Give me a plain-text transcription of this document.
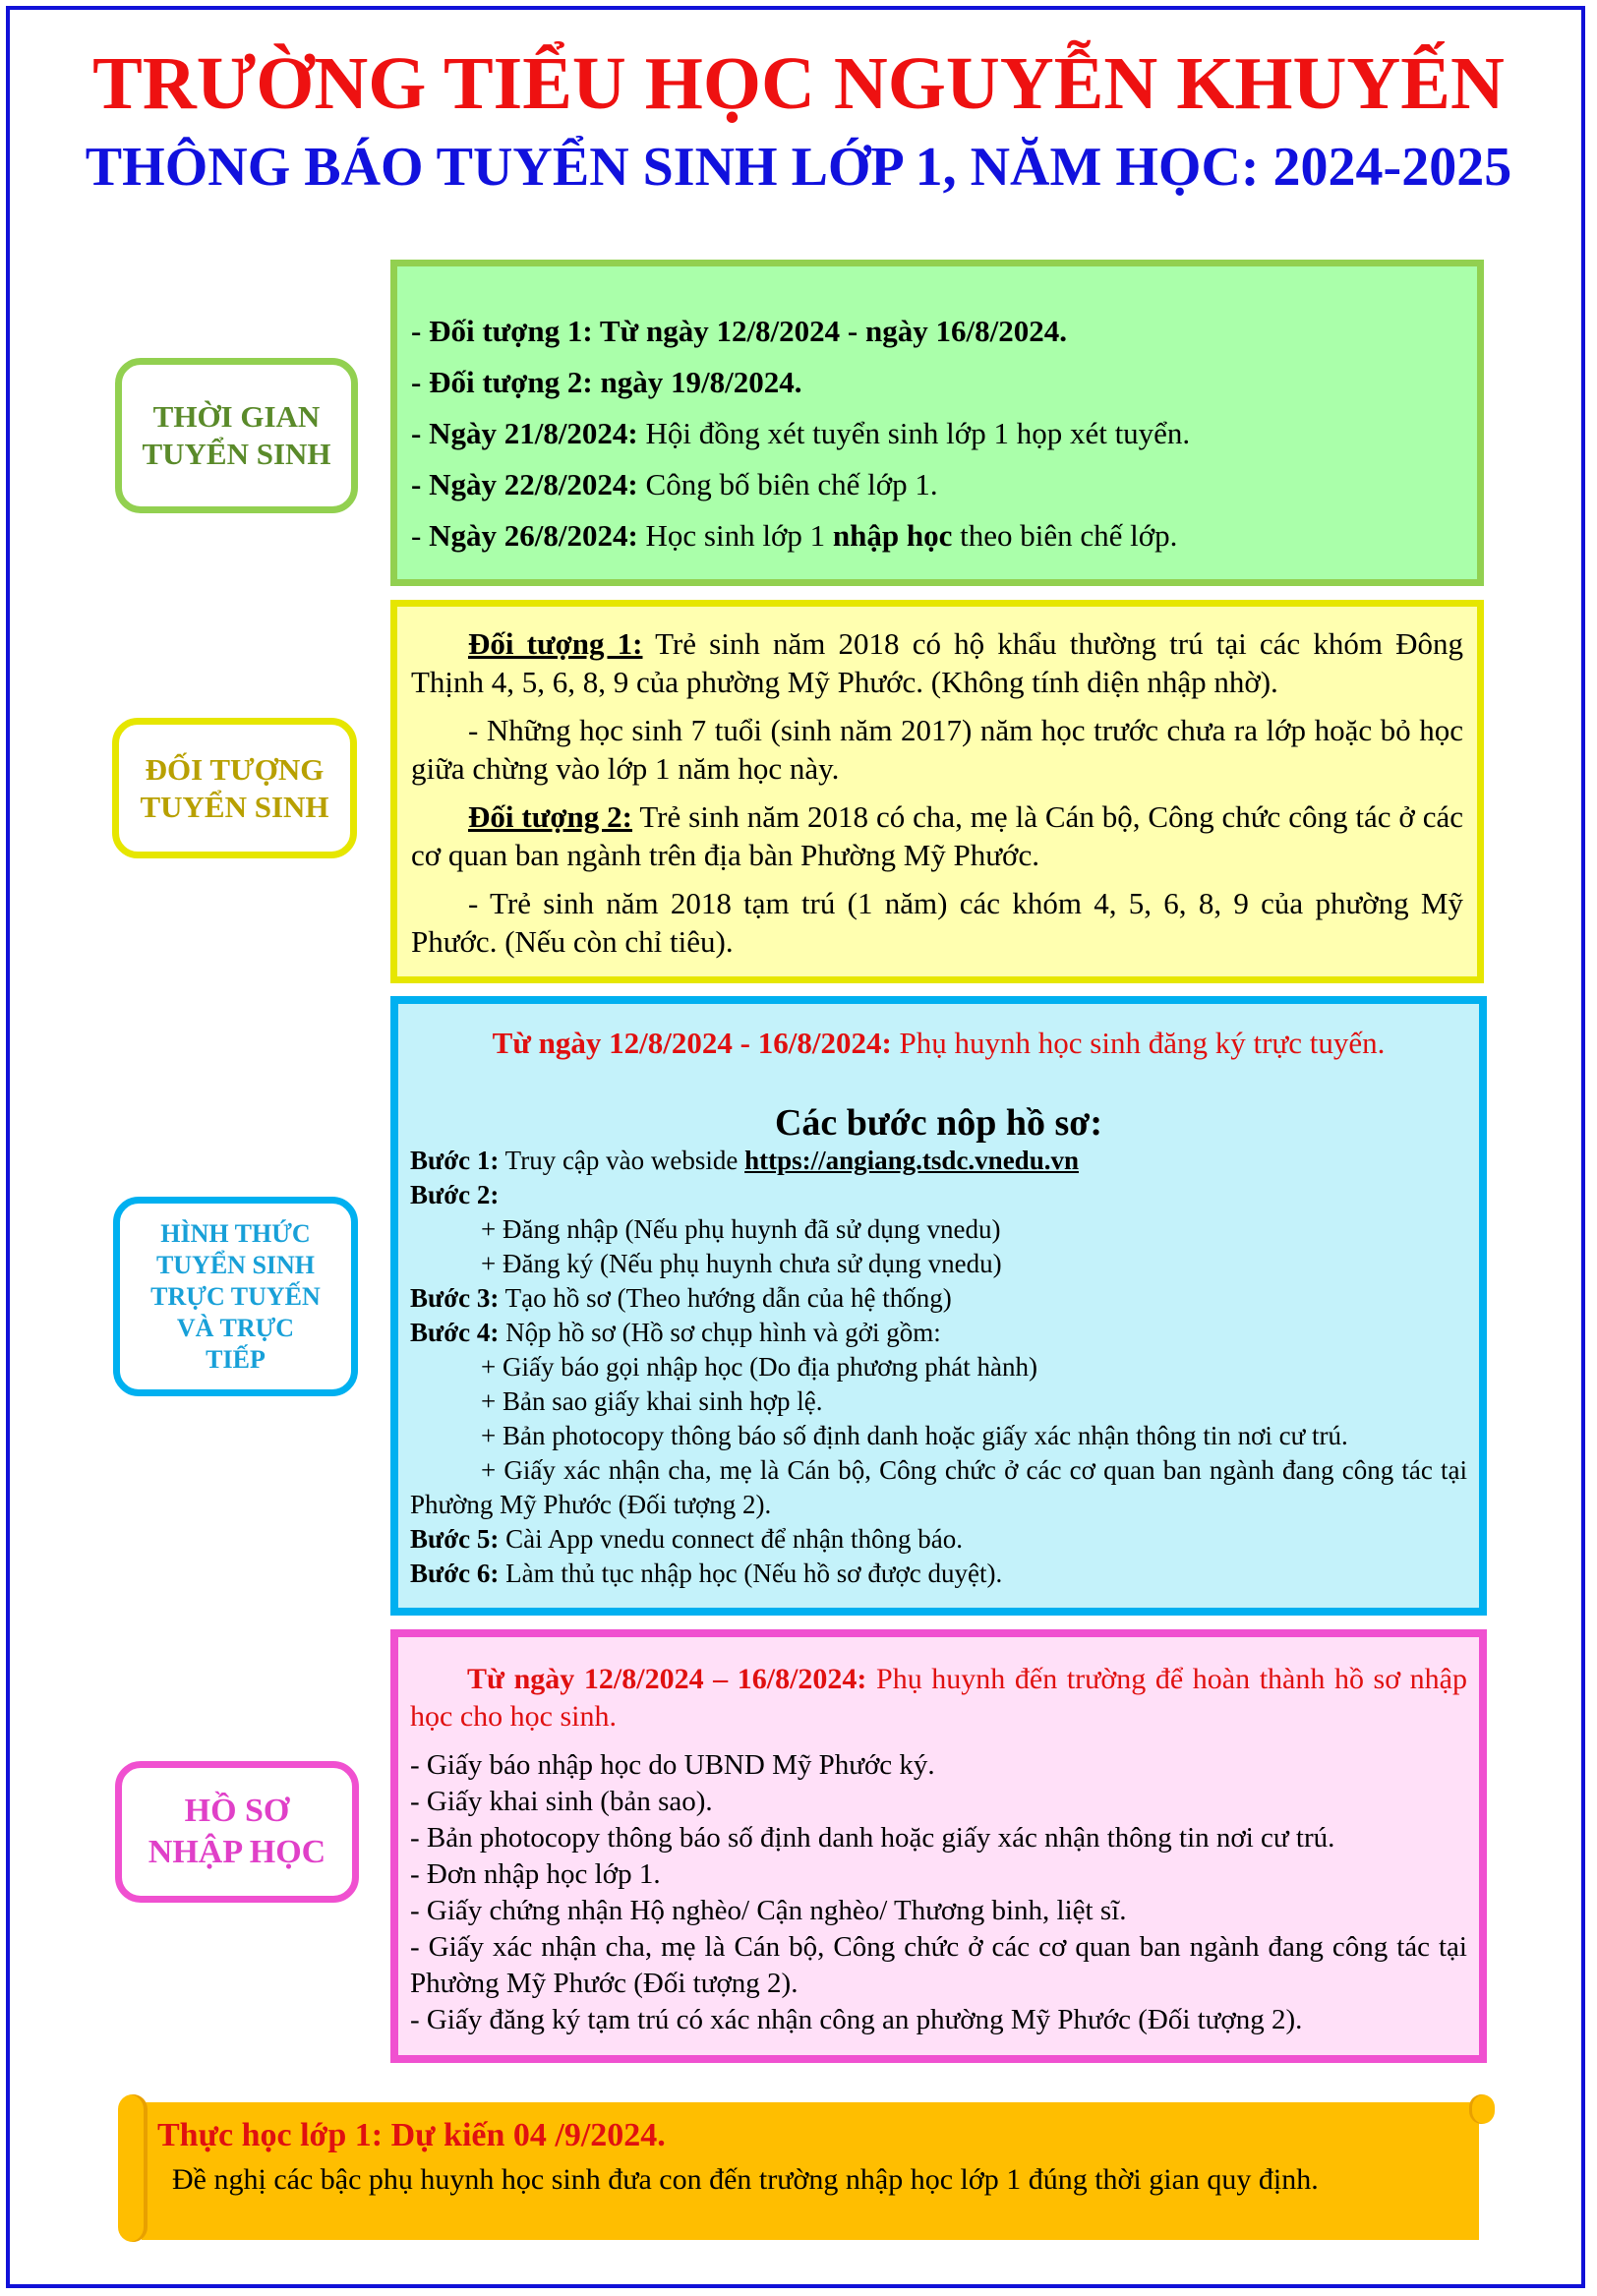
TRƯỜNG TIỂU HỌC NGUYỄN KHUYẾN
THÔNG BÁO TUYỂN SINH LỚP 1, NĂM HỌC: 2024-2025
THỜI GIAN
TUYỂN SINH

- Đối tượng 1: Từ ngày 12/8/2024 - ngày 16/8/2024.

- Đối tượng 2: ngày 19/8/2024.

- Ngày 21/8/2024: Hội đồng xét tuyển sinh lớp 1 họp xét tuyển.

- Ngày 22/8/2024: Công bố biên chế lớp 1.

- Ngày 26/8/2024: Học sinh lớp 1 nhập học theo biên chế lớp.

ĐỐI TƯỢNG
TUYỂN SINH

Đối tượng 1: Trẻ sinh năm 2018 có hộ khẩu thường trú tại các khóm Đông Thịnh 4, 5, 6, 8, 9 của phường Mỹ Phước. (Không tính diện nhập nhờ).

- Những học sinh 7 tuổi (sinh năm 2017) năm học trước chưa ra lớp hoặc bỏ học giữa chừng vào lớp 1 năm học này.

Đối tượng 2: Trẻ sinh năm 2018 có cha, mẹ là Cán bộ, Công chức công tác ở các cơ quan ban ngành trên địa bàn Phường Mỹ Phước.

- Trẻ sinh năm 2018 tạm trú (1 năm) các khóm 4, 5, 6, 8, 9 của phường Mỹ Phước. (Nếu còn chỉ tiêu).

HÌNH THỨC
TUYỂN SINH
TRỰC TUYẾN
VÀ TRỰC
TIẾP

Từ ngày 12/8/2024 - 16/8/2024: Phụ huynh học sinh đăng ký trực tuyến.

Các bước nôp hồ sơ:

Bước 1: Truy cập vào webside https://angiang.tsdc.vnedu.vn

Bước 2:

+ Đăng nhập (Nếu phụ huynh đã sử dụng vnedu)

+ Đăng ký (Nếu phụ huynh chưa sử dụng vnedu)

Bước 3: Tạo hồ sơ (Theo hướng dẫn của hệ thống)

Bước 4: Nộp hồ sơ (Hồ sơ chụp hình và gởi gồm:

+ Giấy báo gọi nhập học (Do địa phương phát hành)

+ Bản sao giấy khai sinh hợp lệ.

+ Bản photocopy thông báo số định danh hoặc giấy xác nhận thông tin nơi cư trú.

+ Giấy xác nhận cha, mẹ là Cán bộ, Công chức ở các cơ quan ban ngành đang công tác tại Phường Mỹ Phước (Đối tượng 2).

Bước 5: Cài App vnedu connect để nhận thông báo.

Bước 6: Làm thủ tục nhập học (Nếu hồ sơ được duyệt).

HỒ SƠ
NHẬP HỌC

Từ ngày 12/8/2024 – 16/8/2024: Phụ huynh đến trường để hoàn thành hồ sơ nhập học cho học sinh.

- Giấy báo nhập học do UBND Mỹ Phước ký.

- Giấy khai sinh (bản sao).

- Bản photocopy thông báo số định danh hoặc giấy xác nhận thông tin nơi cư trú.

- Đơn nhập học lớp 1.

- Giấy chứng nhận Hộ nghèo/ Cận nghèo/ Thương binh, liệt sĩ.

- Giấy xác nhận cha, mẹ là Cán bộ, Công chức ở các cơ quan ban ngành đang công tác tại Phường Mỹ Phước (Đối tượng 2).

- Giấy đăng ký tạm trú có xác nhận công an phường Mỹ Phước (Đối tượng 2).

Thực học lớp 1: Dự kiến 04 /9/2024.
Đề nghị các bậc phụ huynh học sinh đưa con đến trường nhập học lớp 1 đúng thời gian quy định.
